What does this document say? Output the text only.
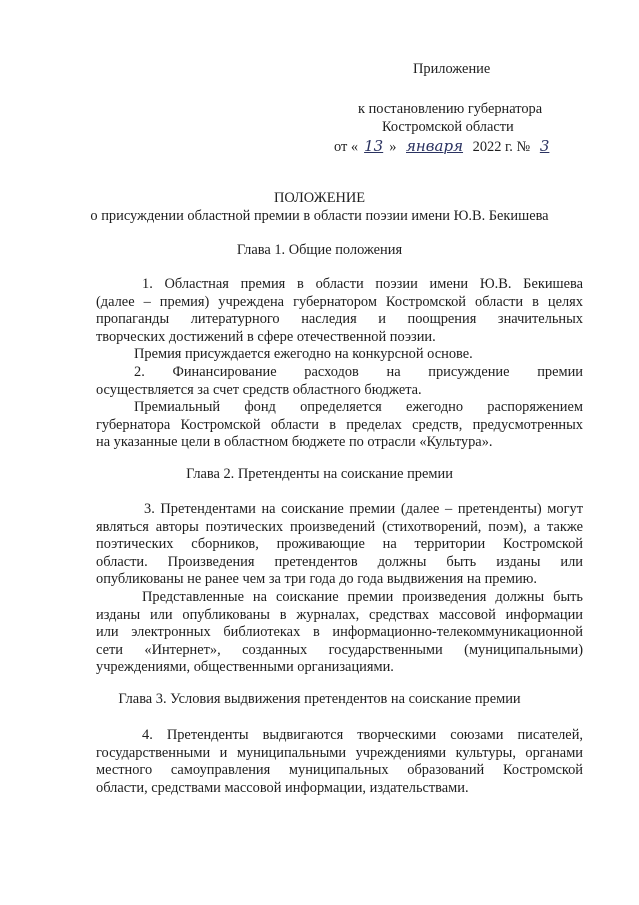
Приложение
к постановлению губернатора
Костромской области
от « 13 » января 2022 г. № 3
ПОЛОЖЕНИЕ
о присуждении областной премии в области поэзии имени Ю.В. Бекишева
Глава 1. Общие положения
1. Областная премия в области поэзии имени Ю.В. Бекишева
(далее – премия) учреждена губернатором Костромской области в целях
пропаганды литературного наследия и поощрения значительных
творческих достижений в сфере отечественной поэзии.
Премия присуждается ежегодно на конкурсной основе.
2. Финансирование расходов на присуждение премии
осуществляется за счет средств областного бюджета.
Премиальный фонд определяется ежегодно распоряжением
губернатора Костромской области в пределах средств, предусмотренных
на указанные цели в областном бюджете по отрасли «Культура».
Глава 2. Претенденты на соискание премии
3. Претендентами на соискание премии (далее – претенденты) могут
являться авторы поэтических произведений (стихотворений, поэм), а также
поэтических сборников, проживающие на территории Костромской
области. Произведения претендентов должны быть изданы или
опубликованы не ранее чем за три года до года выдвижения на премию.
Представленные на соискание премии произведения должны быть
изданы или опубликованы в журналах, средствах массовой информации
или электронных библиотеках в информационно-телекоммуникационной
сети «Интернет», созданных государственными (муниципальными)
учреждениями, общественными организациями.
Глава 3. Условия выдвижения претендентов на соискание премии
4. Претенденты выдвигаются творческими союзами писателей,
государственными и муниципальными учреждениями культуры, органами
местного самоуправления муниципальных образований Костромской
области, средствами массовой информации, издательствами.
